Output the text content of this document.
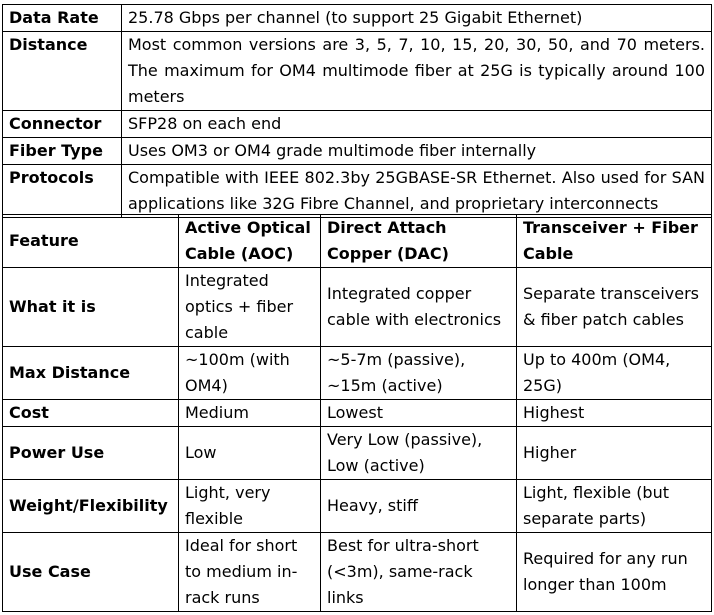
Data Rate	25.78 Gbps per channel (to support 25 Gigabit Ethernet)
Distance	Most common versions are 3, 5, 7, 10, 15, 20, 30, 50, and 70 meters. The maximum for OM4 multimode fiber at 25G is typically around 100 meters
Connector	SFP28 on each end
Fiber Type	Uses OM3 or OM4 grade multimode fiber internally
Protocols	Compatible with IEEE 802.3by 25GBASE-SR Ethernet. Also used for SAN applications like 32G Fibre Channel, and proprietary interconnects
Feature	Active Optical Cable (AOC)	Direct Attach Copper (DAC)	Transceiver + Fiber Cable
What it is	Integrated optics + fiber cable	Integrated copper cable with electronics	Separate transceivers & fiber patch cables
Max Distance	~100m (with OM4)	~5-7m (passive), ~15m (active)	Up to 400m (OM4, 25G)
Cost	Medium	Lowest	Highest
Power Use	Low	Very Low (passive), Low (active)	Higher
Weight/Flexibility	Light, very flexible	Heavy, stiff	Light, flexible (but separate parts)
Use Case	Ideal for short to medium in-rack runs	Best for ultra-short (<3m), same-rack links	Required for any run longer than 100m
